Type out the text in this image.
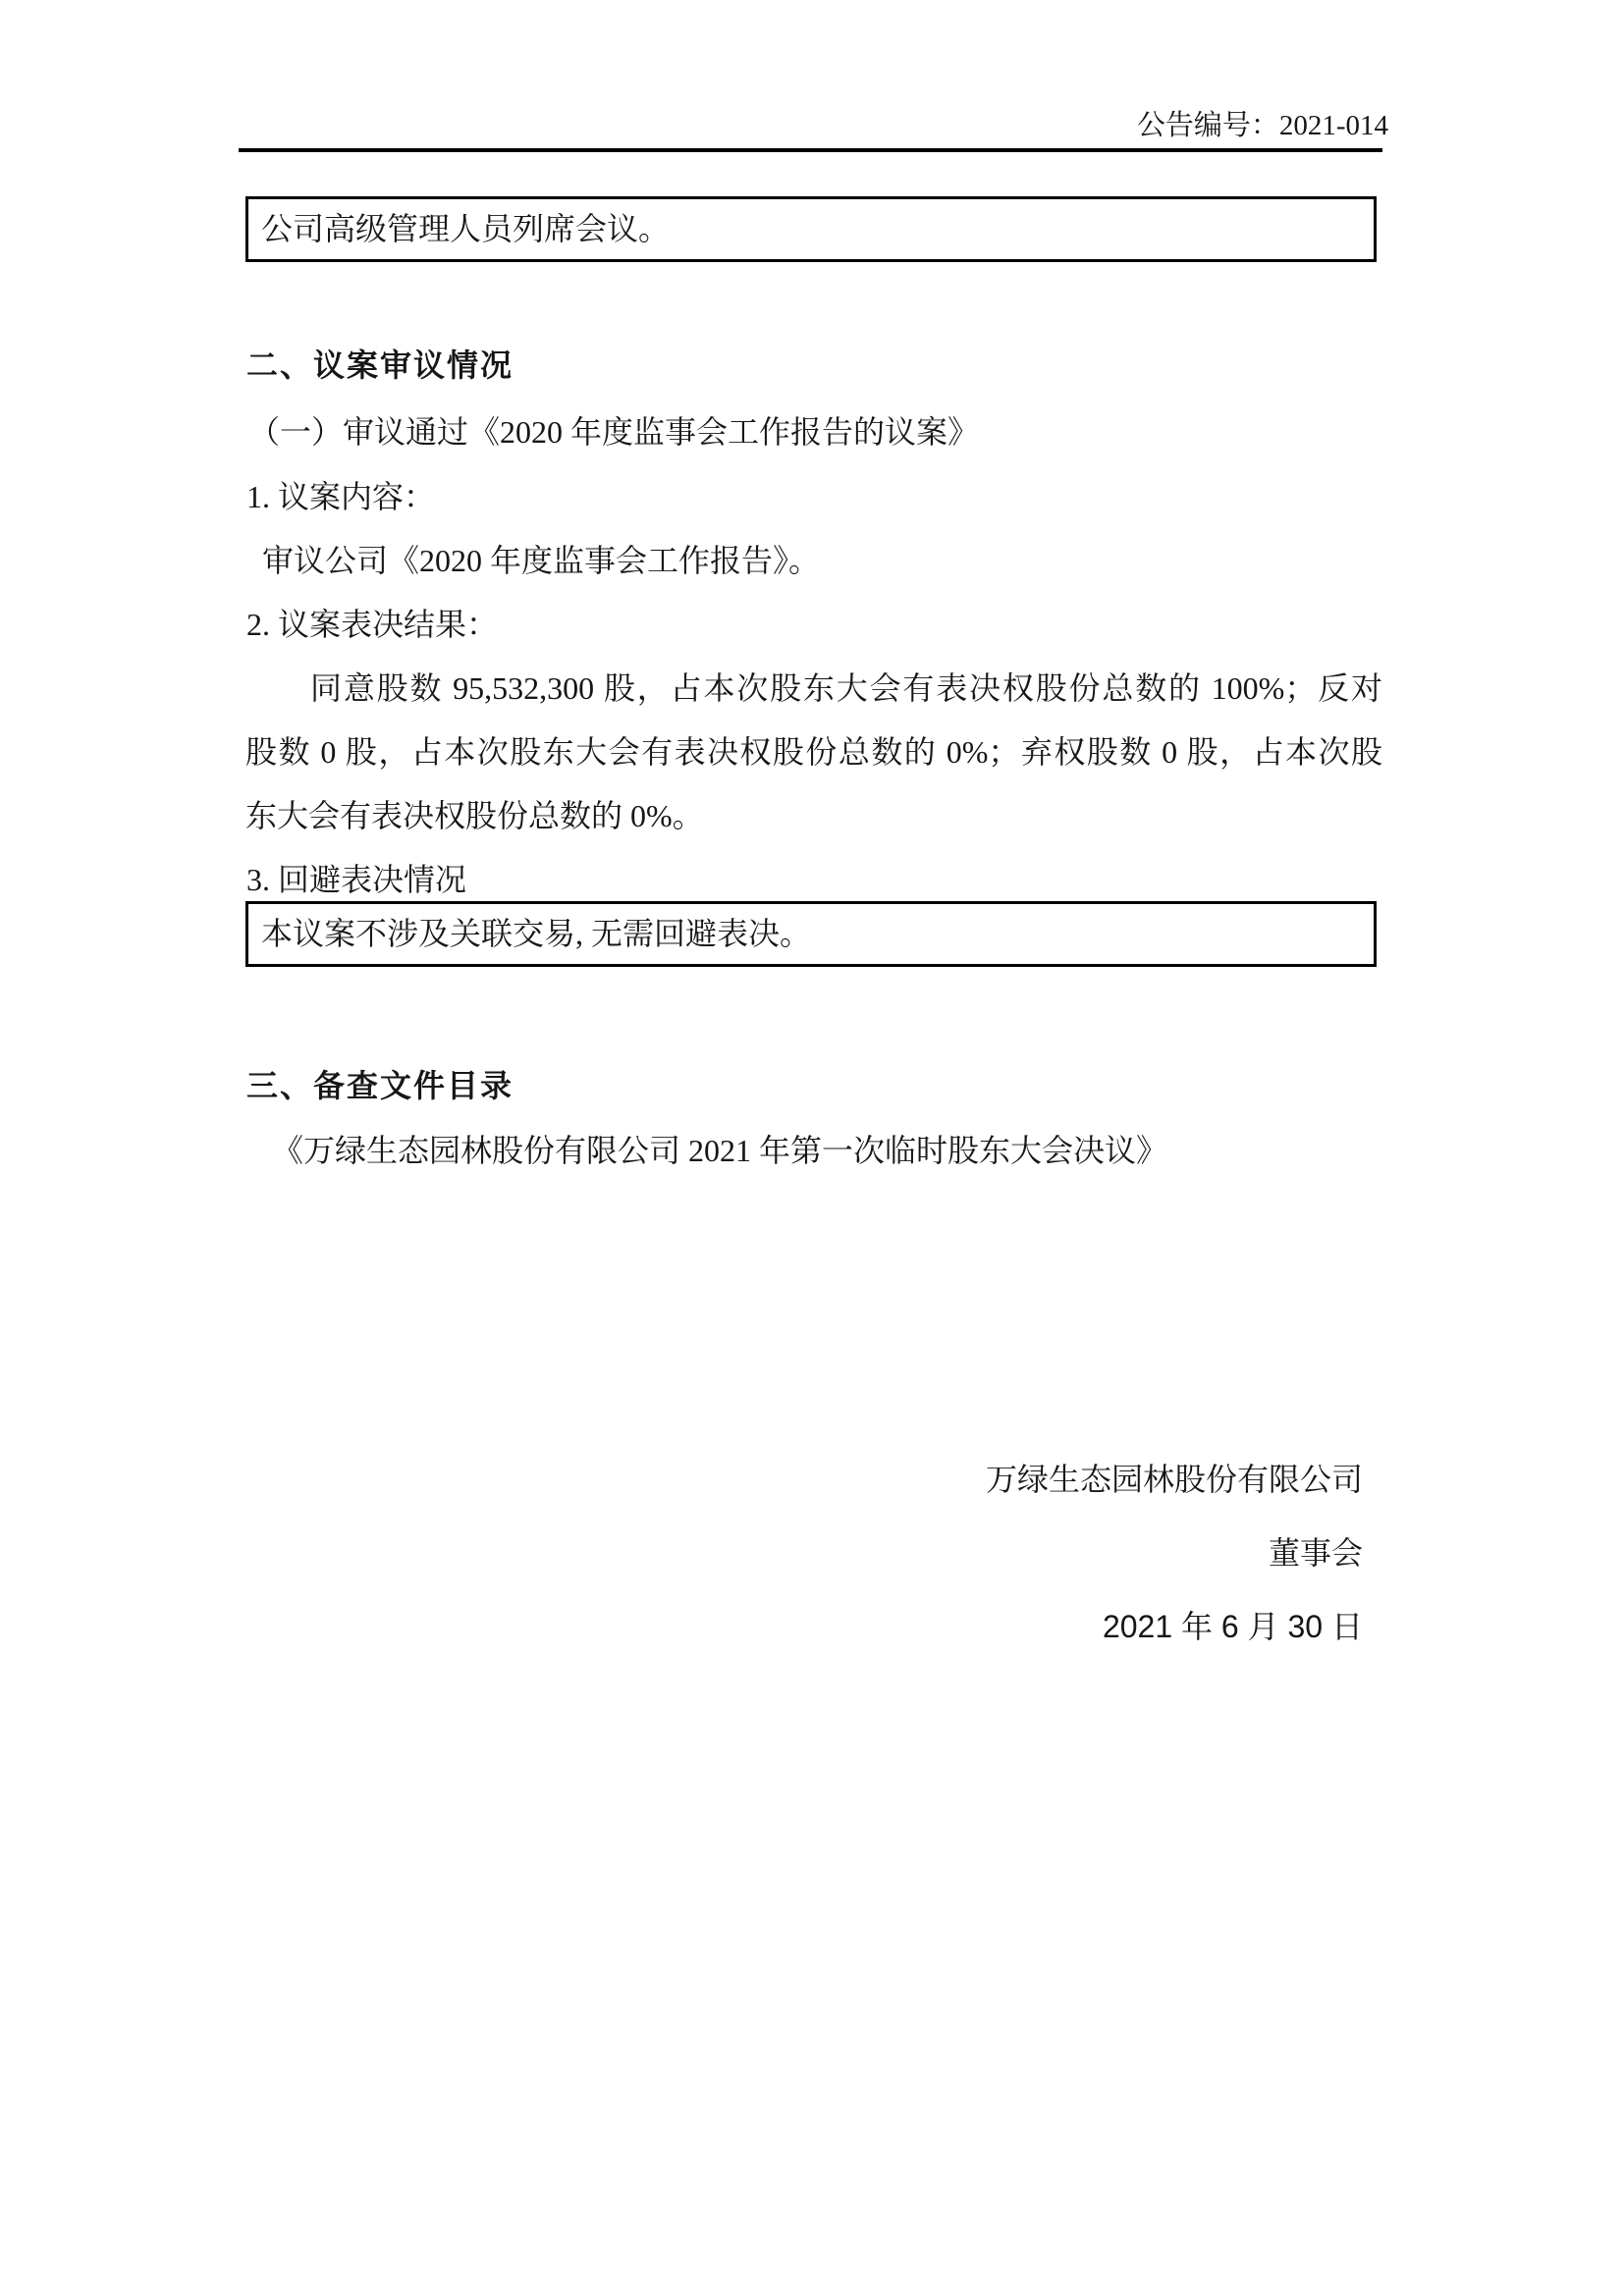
公告编号：2021-014
公司高级管理人员列席会议。
二、议案审议情况
（一）审议通过《2020 年度监事会工作报告的议案》
1. 议案内容：
审议公司《2020 年度监事会工作报告》。
2. 议案表决结果：
同意股数 95,532,300 股，占本次股东大会有表决权股份总数的 100%；反对
股数 0 股，占本次股东大会有表决权股份总数的 0%；弃权股数 0 股，占本次股
东大会有表决权股份总数的 0%。
3. 回避表决情况
本议案不涉及关联交易, 无需回避表决。
三、备查文件目录
《万绿生态园林股份有限公司 2021 年第一次临时股东大会决议》
万绿生态园林股份有限公司
董事会
2021 年 6 月 30 日
